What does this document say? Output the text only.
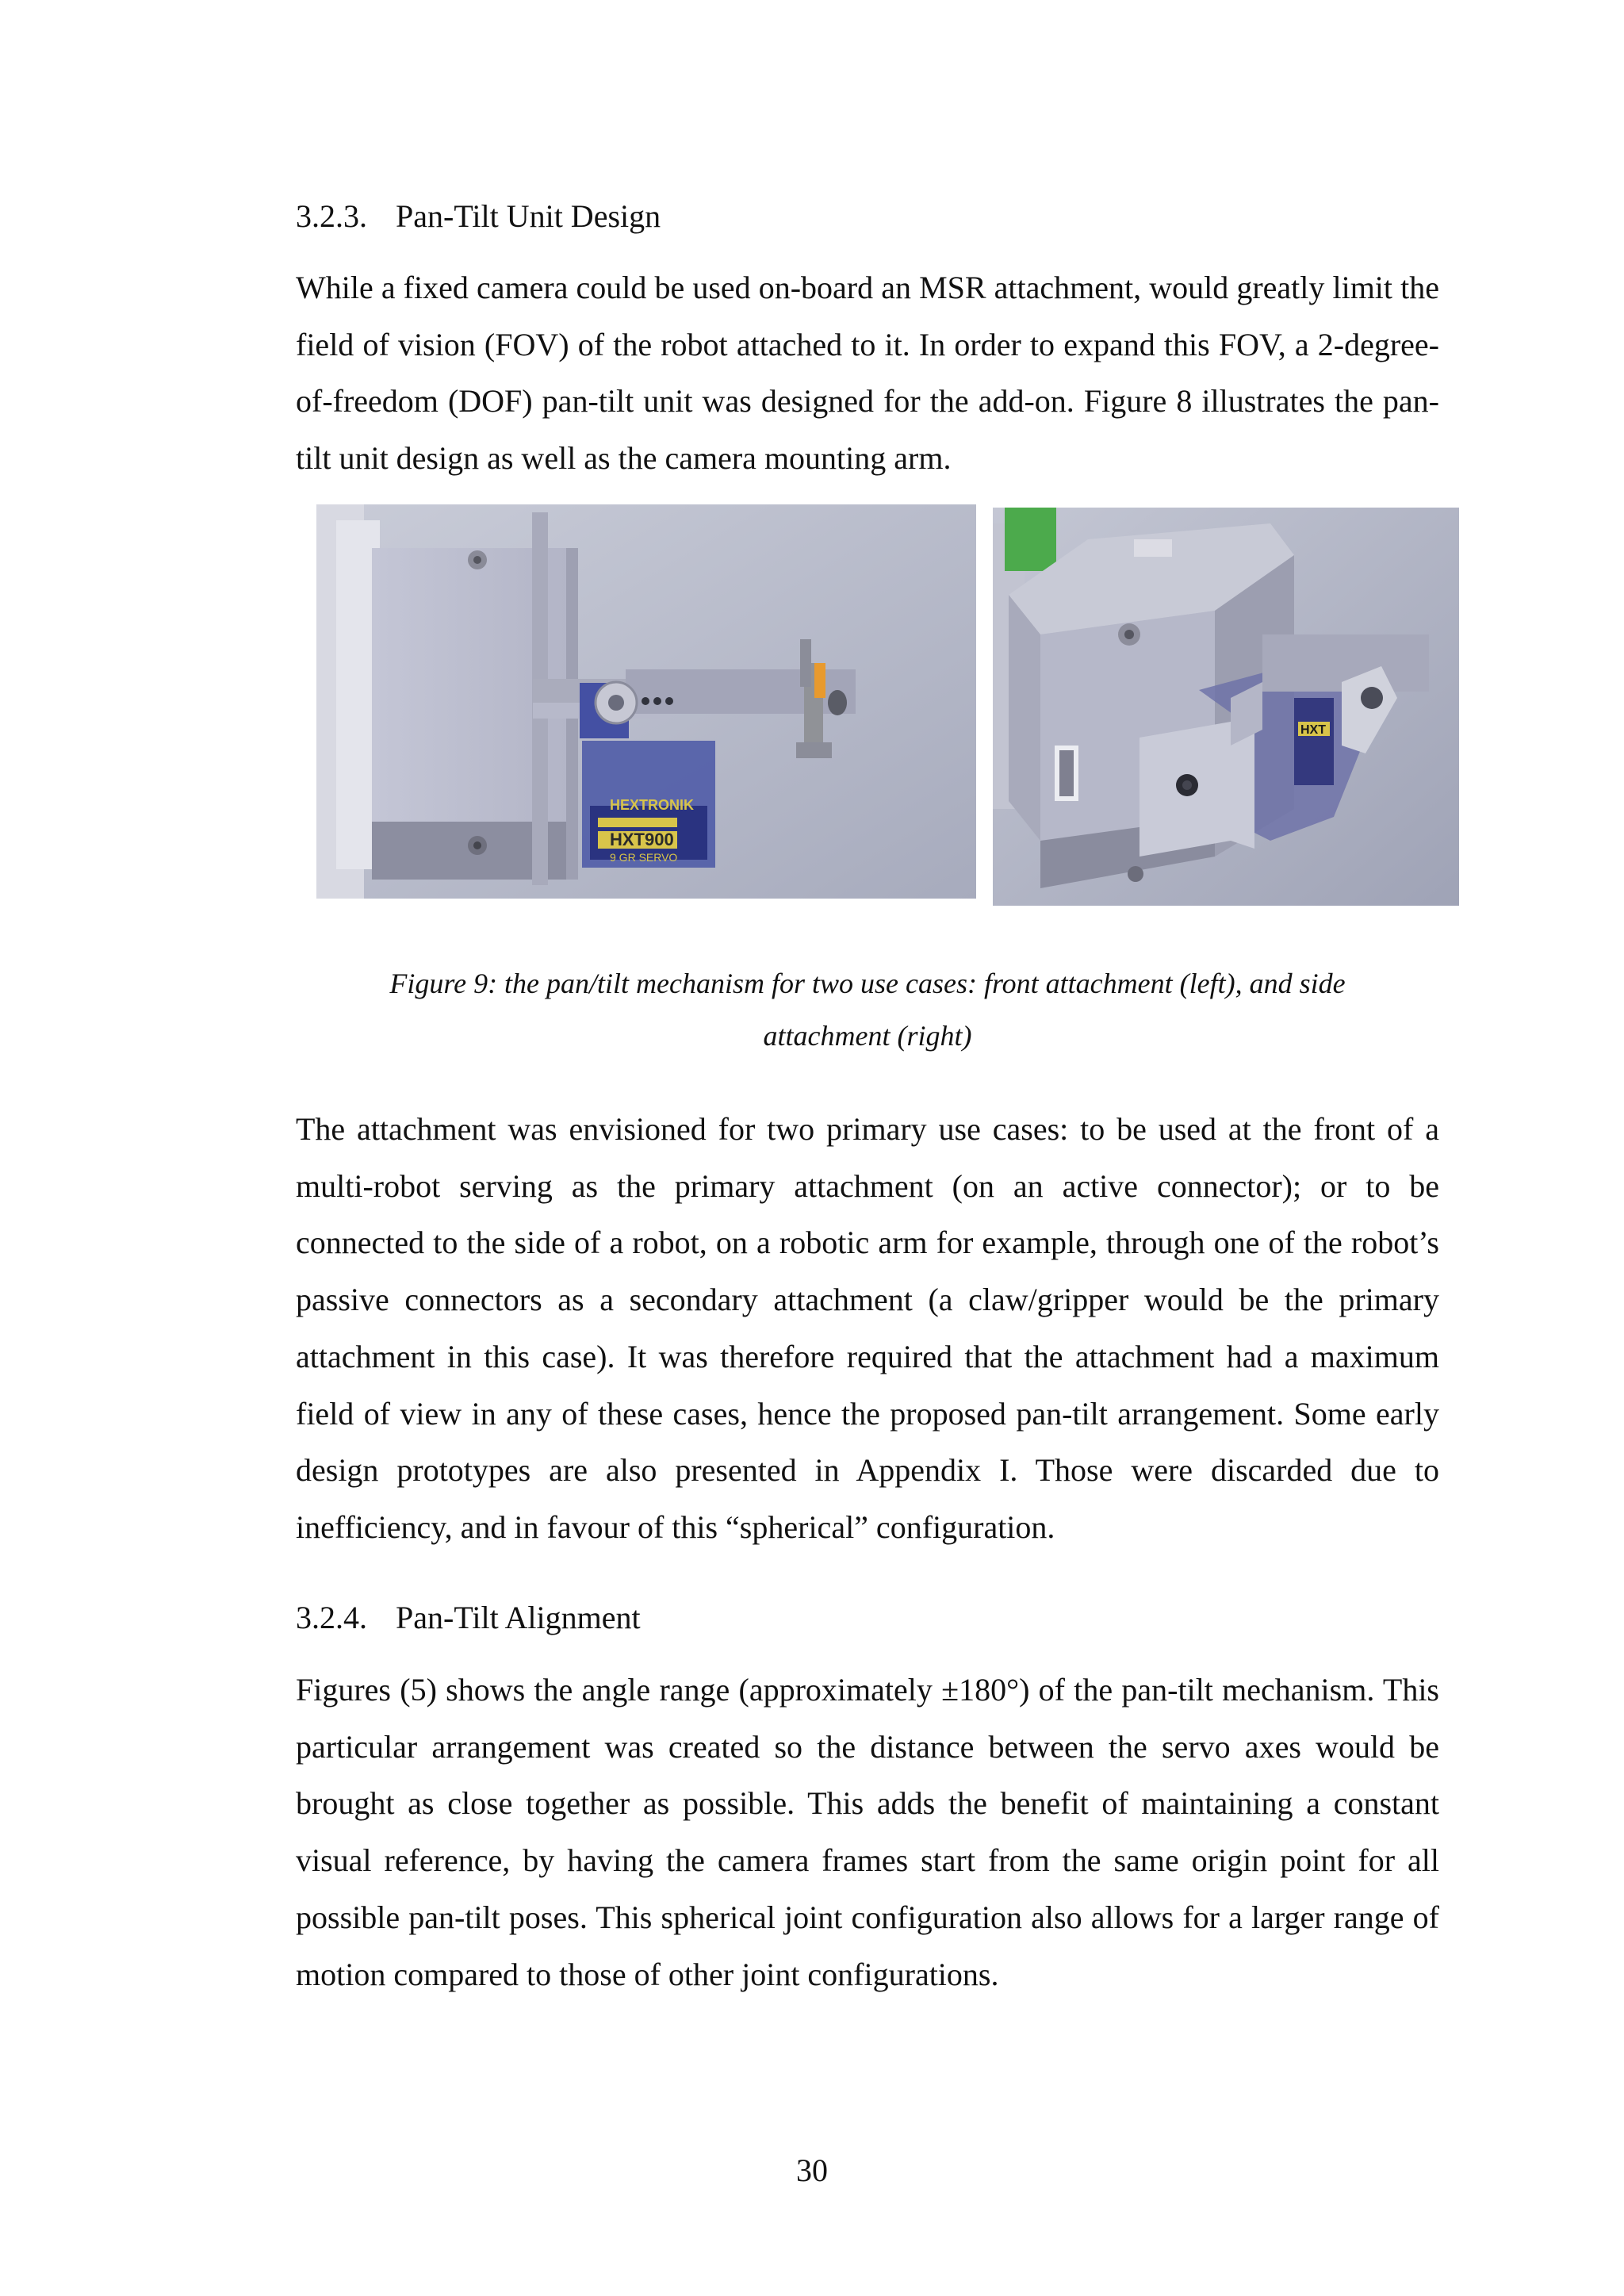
3.2.3. Pan-Tilt Unit Design

While a fixed camera could be used on-board an MSR attachment, would greatly limit the field of vision (FOV) of the robot attached to it. In order to expand this FOV, a 2-degree-of-freedom (DOF) pan-tilt unit was designed for the add-on. Figure 8 illustrates the pan-tilt unit design as well as the camera mounting arm.

HEXTRONIK
HXT900
9 GR SERVO
HXT

Figure 9: the pan/tilt mechanism for two use cases: front attachment (left), and side
attachment (right)

The attachment was envisioned for two primary use cases: to be used at the front of a multi-robot serving as the primary attachment (on an active connector); or to be connected to the side of a robot, on a robotic arm for example, through one of the robot’s passive connectors as a secondary attachment (a claw/gripper would be the primary attachment in this case). It was therefore required that the attachment had a maximum field of view in any of these cases, hence the proposed pan-tilt arrangement. Some early design prototypes are also presented in Appendix I. Those were discarded due to inefficiency, and in favour of this “spherical” configuration.

3.2.4. Pan-Tilt Alignment

Figures (5) shows the angle range (approximately ±180°) of the pan-tilt mechanism. This particular arrangement was created so the distance between the servo axes would be brought as close together as possible. This adds the benefit of maintaining a constant visual reference, by having the camera frames start from the same origin point for all possible pan-tilt poses. This spherical joint configuration also allows for a larger range of motion compared to those of other joint configurations.

30
